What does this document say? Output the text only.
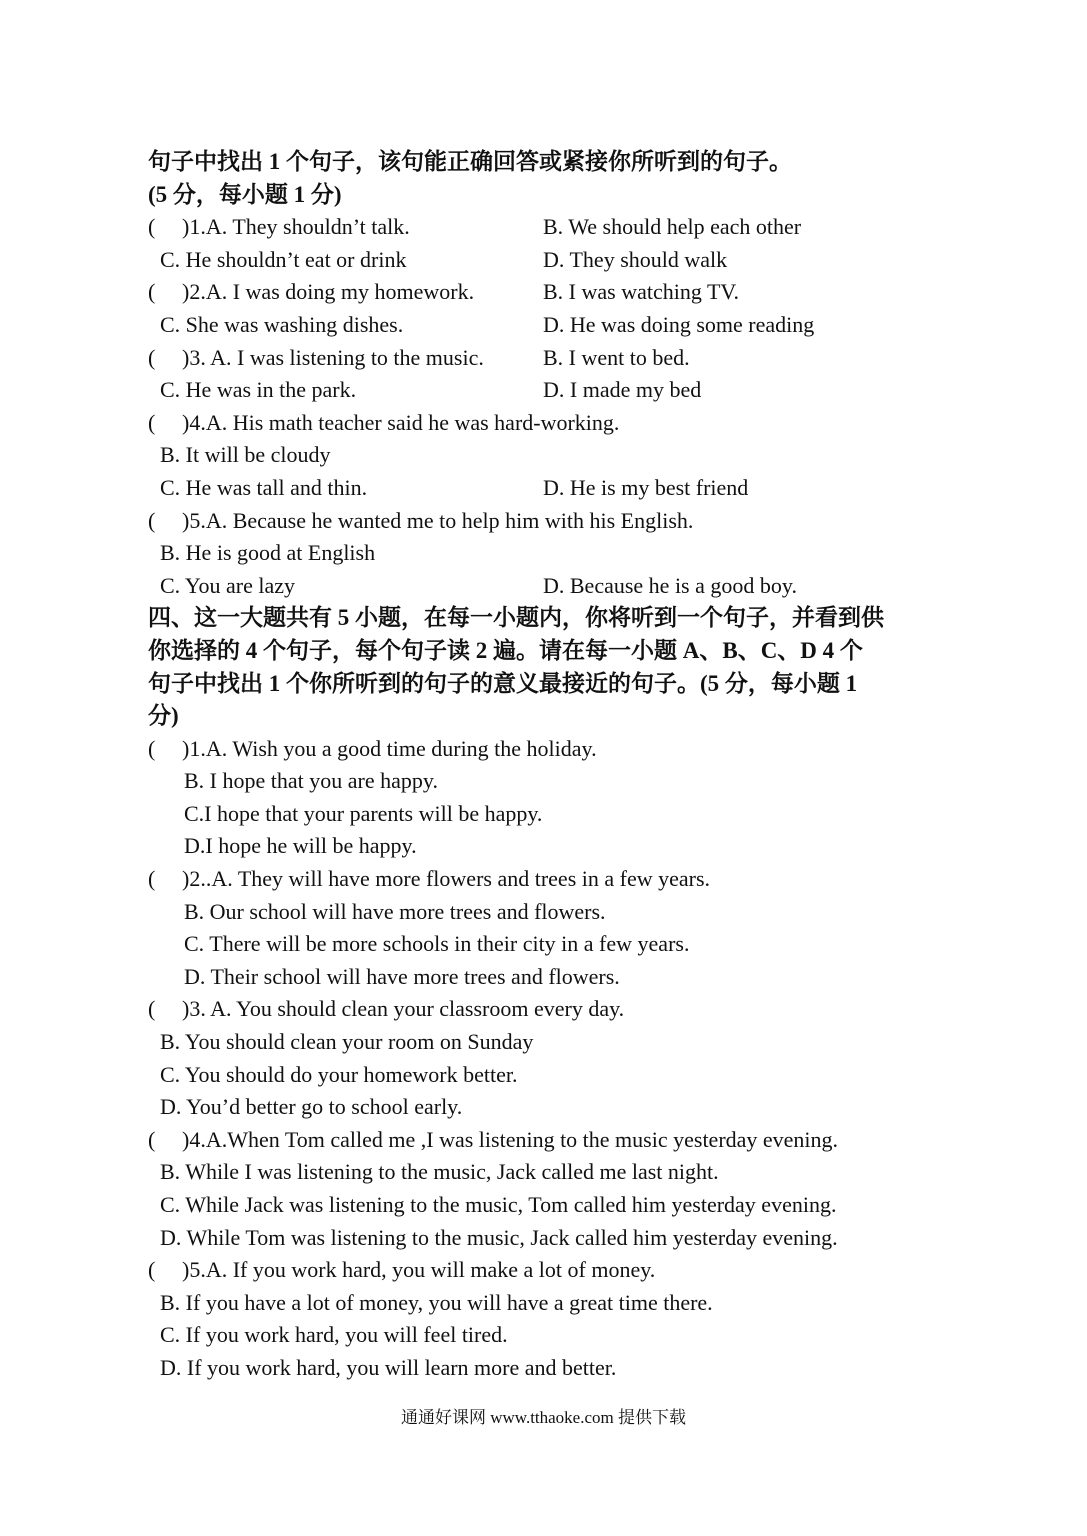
句子中找出 1 个句子，该句能正确回答或紧接你所听到的句子。
(5 分，每小题 1 分)
( )1.A. They shouldn’t talk.	B. We should help each other
C. He shouldn’t eat or drink	D. They should walk
( )2.A. I was doing my homework.	B. I was watching TV.
C. She was washing dishes.	D. He was doing some reading
( )3. A. I was listening to the music.	B. I went to bed.
C. He was in the park.	D. I made my bed
( )4.A. His math teacher said he was hard-working.
B. It will be cloudy
C. He was tall and thin.	D. He is my best friend
( )5.A. Because he wanted me to help him with his English.
B. He is good at English
C. You are lazy	D. Because he is a good boy.
四、这一大题共有 5 小题，在每一小题内，你将听到一个句子，并看到供
你选择的 4 个句子，每个句子读 2 遍。请在每一小题 A、B、C、D 4 个
句子中找出 1 个你所听到的句子的意义最接近的句子。(5 分，每小题 1
分)
( )1.A. Wish you a good time during the holiday.
B. I hope that you are happy.
C.I hope that your parents will be happy.
D.I hope he will be happy.
( )2..A. They will have more flowers and trees in a few years.
B. Our school will have more trees and flowers.
C. There will be more schools in their city in a few years.
D. Their school will have more trees and flowers.
( )3. A. You should clean your classroom every day.
B. You should clean your room on Sunday
C. You should do your homework better.
D. You’d better go to school early.
( )4.A.When Tom called me ,I was listening to the music yesterday evening.
B. While I was listening to the music, Jack called me last night.
C. While Jack was listening to the music, Tom called him yesterday evening.
D. While Tom was listening to the music, Jack called him yesterday evening.
( )5.A. If you work hard, you will make a lot of money.
B. If you have a lot of money, you will have a great time there.
C. If you work hard, you will feel tired.
D. If you work hard, you will learn more and better.
通通好课网 www.tthaoke.com 提供下载
